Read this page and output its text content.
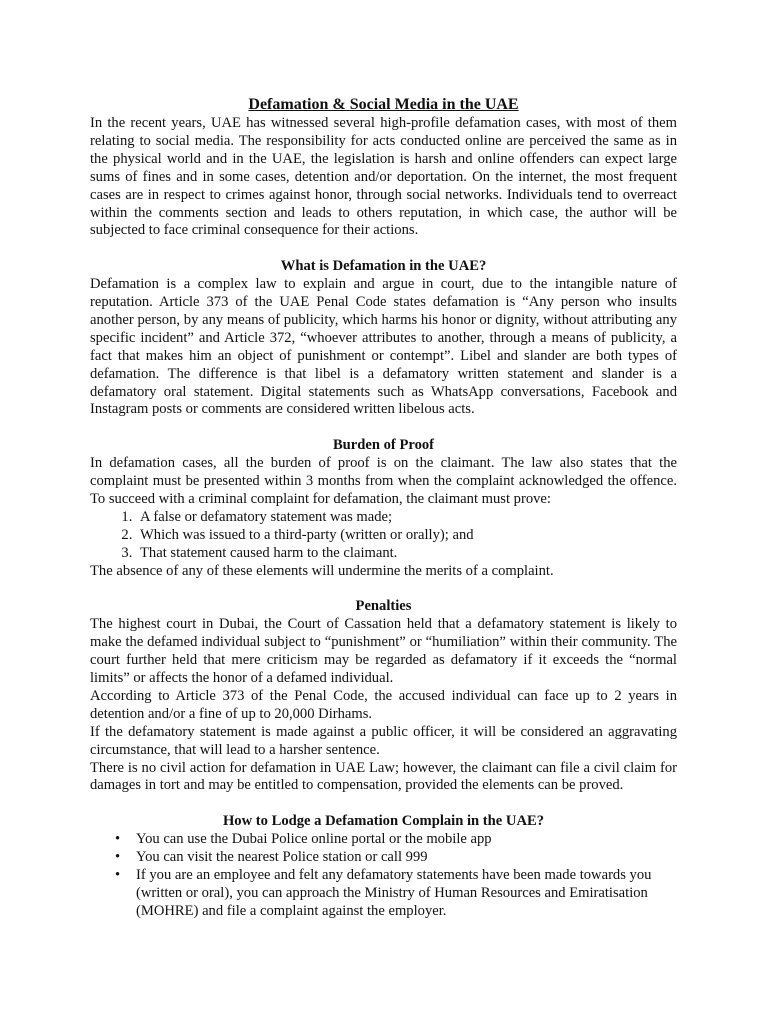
Defamation & Social Media in the UAE

In the recent years, UAE has witnessed several high-profile defamation cases, with most of them relating to social media. The responsibility for acts conducted online are perceived the same as in the physical world and in the UAE, the legislation is harsh and online offenders can expect large sums of fines and in some cases, detention and/or deportation. On the internet, the most frequent cases are in respect to crimes against honor, through social networks. Individuals tend to overreact within the comments section and leads to others reputation, in which case, the author will be subjected to face criminal consequence for their actions.

What is Defamation in the UAE?

Defamation is a complex law to explain and argue in court, due to the intangible nature of reputation. Article 373 of the UAE Penal Code states defamation is “Any person who insults another person, by any means of publicity, which harms his honor or dignity, without attributing any specific incident” and Article 372, “whoever attributes to another, through a means of publicity, a fact that makes him an object of punishment or contempt”. Libel and slander are both types of defamation. The difference is that libel is a defamatory written statement and slander is a defamatory oral statement. Digital statements such as WhatsApp conversations, Facebook and Instagram posts or comments are considered written libelous acts.

Burden of Proof

In defamation cases, all the burden of proof is on the claimant. The law also states that the complaint must be presented within 3 months from when the complaint acknowledged the offence. To succeed with a criminal complaint for defamation, the claimant must prove:

1. A false or defamatory statement was made;
2. Which was issued to a third-party (written or orally); and
3. That statement caused harm to the claimant.

The absence of any of these elements will undermine the merits of a complaint.

Penalties

The highest court in Dubai, the Court of Cassation held that a defamatory statement is likely to make the defamed individual subject to “punishment” or “humiliation” within their community. The court further held that mere criticism may be regarded as defamatory if it exceeds the “normal limits” or affects the honor of a defamed individual.

According to Article 373 of the Penal Code, the accused individual can face up to 2 years in detention and/or a fine of up to 20,000 Dirhams.

If the defamatory statement is made against a public officer, it will be considered an aggravating circumstance, that will lead to a harsher sentence.

There is no civil action for defamation in UAE Law; however, the claimant can file a civil claim for damages in tort and may be entitled to compensation, provided the elements can be proved.

How to Lodge a Defamation Complain in the UAE?
• You can use the Dubai Police online portal or the mobile app
• You can visit the nearest Police station or call 999
• If you are an employee and felt any defamatory statements have been made towards you (written or oral), you can approach the Ministry of Human Resources and Emiratisation (MOHRE) and file a complaint against the employer.
